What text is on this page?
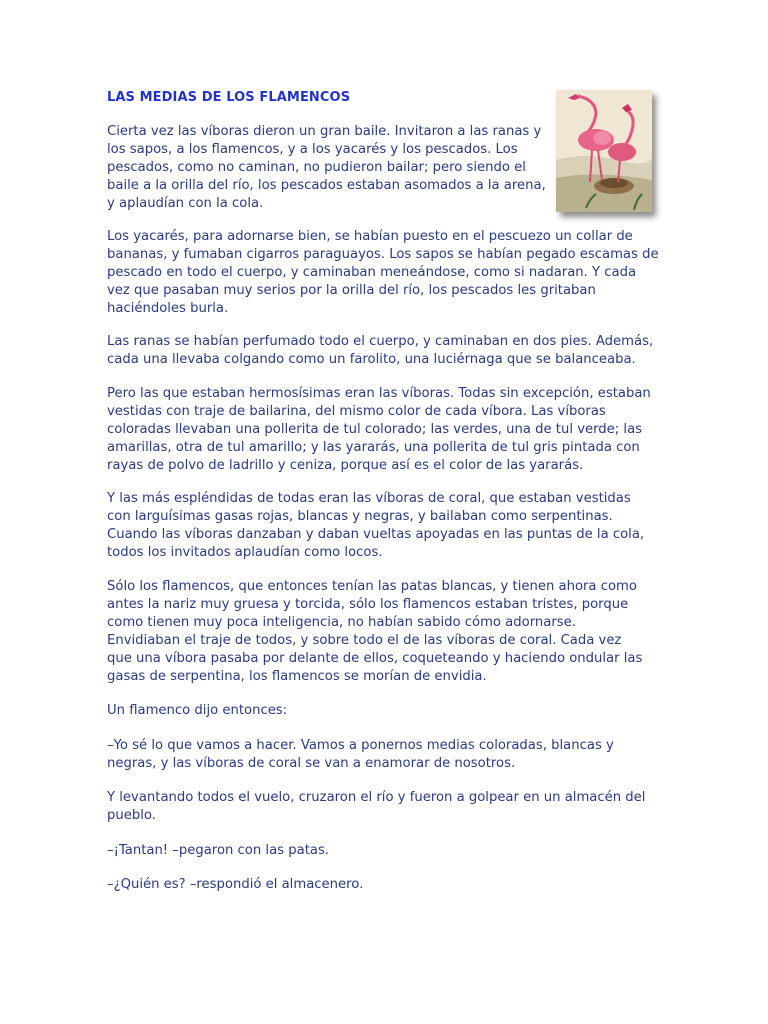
LAS MEDIAS DE LOS FLAMENCOS

Cierta vez las víboras dieron un gran baile. Invitaron a las ranas y
los sapos, a los flamencos, y a los yacarés y los pescados. Los
pescados, como no caminan, no pudieron bailar; pero siendo el
baile a la orilla del río, los pescados estaban asomados a la arena,
y aplaudían con la cola.

Los yacarés, para adornarse bien, se habían puesto en el pescuezo un collar de
bananas, y fumaban cigarros paraguayos. Los sapos se habían pegado escamas de
pescado en todo el cuerpo, y caminaban meneándose, como si nadaran. Y cada
vez que pasaban muy serios por la orilla del río, los pescados les gritaban
haciéndoles burla.

Las ranas se habían perfumado todo el cuerpo, y caminaban en dos pies. Además,
cada una llevaba colgando como un farolito, una luciérnaga que se balanceaba.

Pero las que estaban hermosísimas eran las víboras. Todas sin excepción, estaban
vestidas con traje de bailarina, del mismo color de cada víbora. Las víboras
coloradas llevaban una pollerita de tul colorado; las verdes, una de tul verde; las
amarillas, otra de tul amarillo; y las yararás, una pollerita de tul gris pintada con
rayas de polvo de ladrillo y ceniza, porque así es el color de las yararás.

Y las más espléndidas de todas eran las víboras de coral, que estaban vestidas
con larguísimas gasas rojas, blancas y negras, y bailaban como serpentinas.
Cuando las víboras danzaban y daban vueltas apoyadas en las puntas de la cola,
todos los invitados aplaudían como locos.

Sólo los flamencos, que entonces tenían las patas blancas, y tienen ahora como
antes la nariz muy gruesa y torcida, sólo los flamencos estaban tristes, porque
como tienen muy poca inteligencia, no habían sabido cómo adornarse.
Envidiaban el traje de todos, y sobre todo el de las víboras de coral. Cada vez
que una víbora pasaba por delante de ellos, coqueteando y haciendo ondular las
gasas de serpentina, los flamencos se morían de envidia.

Un flamenco dijo entonces:

–Yo sé lo que vamos a hacer. Vamos a ponernos medias coloradas, blancas y
negras, y las víboras de coral se van a enamorar de nosotros.

Y levantando todos el vuelo, cruzaron el río y fueron a golpear en un almacén del
pueblo.

–¡Tantan! –pegaron con las patas.

–¿Quién es? –respondió el almacenero.
